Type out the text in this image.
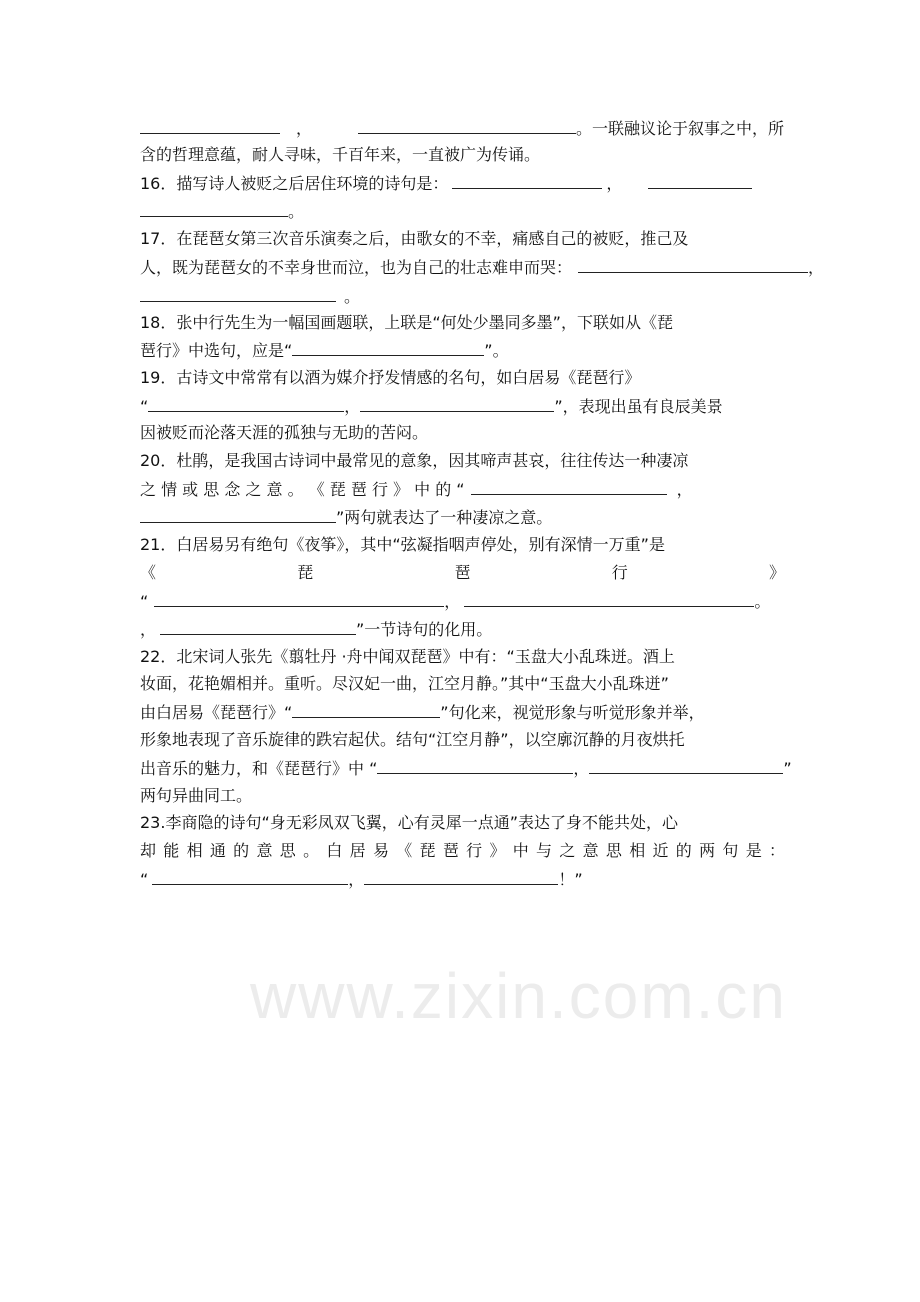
www.zixin.com.cn
，	。一联融议论于叙事之中，所
含的哲理意蕴，耐人寻味，千百年来，一直被广为传诵。
16．描写诗人被贬之后居住环境的诗句是：	，
。
17．在琵琶女第三次音乐演奏之后，由歌女的不幸，痛感自己的被贬，推己及
人，既为琵琶女的不幸身世而泣，也为自己的壮志难申而哭：	，
。
18．张中行先生为一幅国画题联，上联是“何处少墨同多墨”，下联如从《琵
琶行》中选句，应是“	”。
19．古诗文中常常有以酒为媒介抒发情感的名句，如白居易《琵琶行》
“	，	”，表现出虽有良辰美景
因被贬而沦落天涯的孤独与无助的苦闷。
20．杜鹃，是我国古诗词中最常见的意象，因其啼声甚哀，往往传达一种凄凉
之 情 或 思 念 之 意 。 《 琵 琶 行 》 中 的 “	，
”两句就表达了一种凄凉之意。
21．白居易另有绝句《夜筝》，其中“弦凝指咽声停处，别有深情一万重”是
《	琵	琶	行	》
“	，	。
，	”一节诗句的化用。
22．北宋词人张先《翦牡丹 ·舟中闻双琵琶》中有：“玉盘大小乱珠迸。酒上
妆面，花艳媚相并。重听。尽汉妃一曲，江空月静。”其中“玉盘大小乱珠迸”
由白居易《琵琶行》“	”句化来，视觉形象与听觉形象并举，
形象地表现了音乐旋律的跌宕起伏。结句“江空月静”，以空廓沉静的月夜烘托
出音乐的魅力，和《琵琶行》中 “	，	”
两句异曲同工。
23.李商隐的诗句“身无彩凤双飞翼，心有灵犀一点通”表达了身不能共处，心
却 能 相 通 的 意 思 。 白 居 易 《 琵 琶 行 》 中 与 之 意 思 相 近 的 两 句 是 ：
“	，	！”
